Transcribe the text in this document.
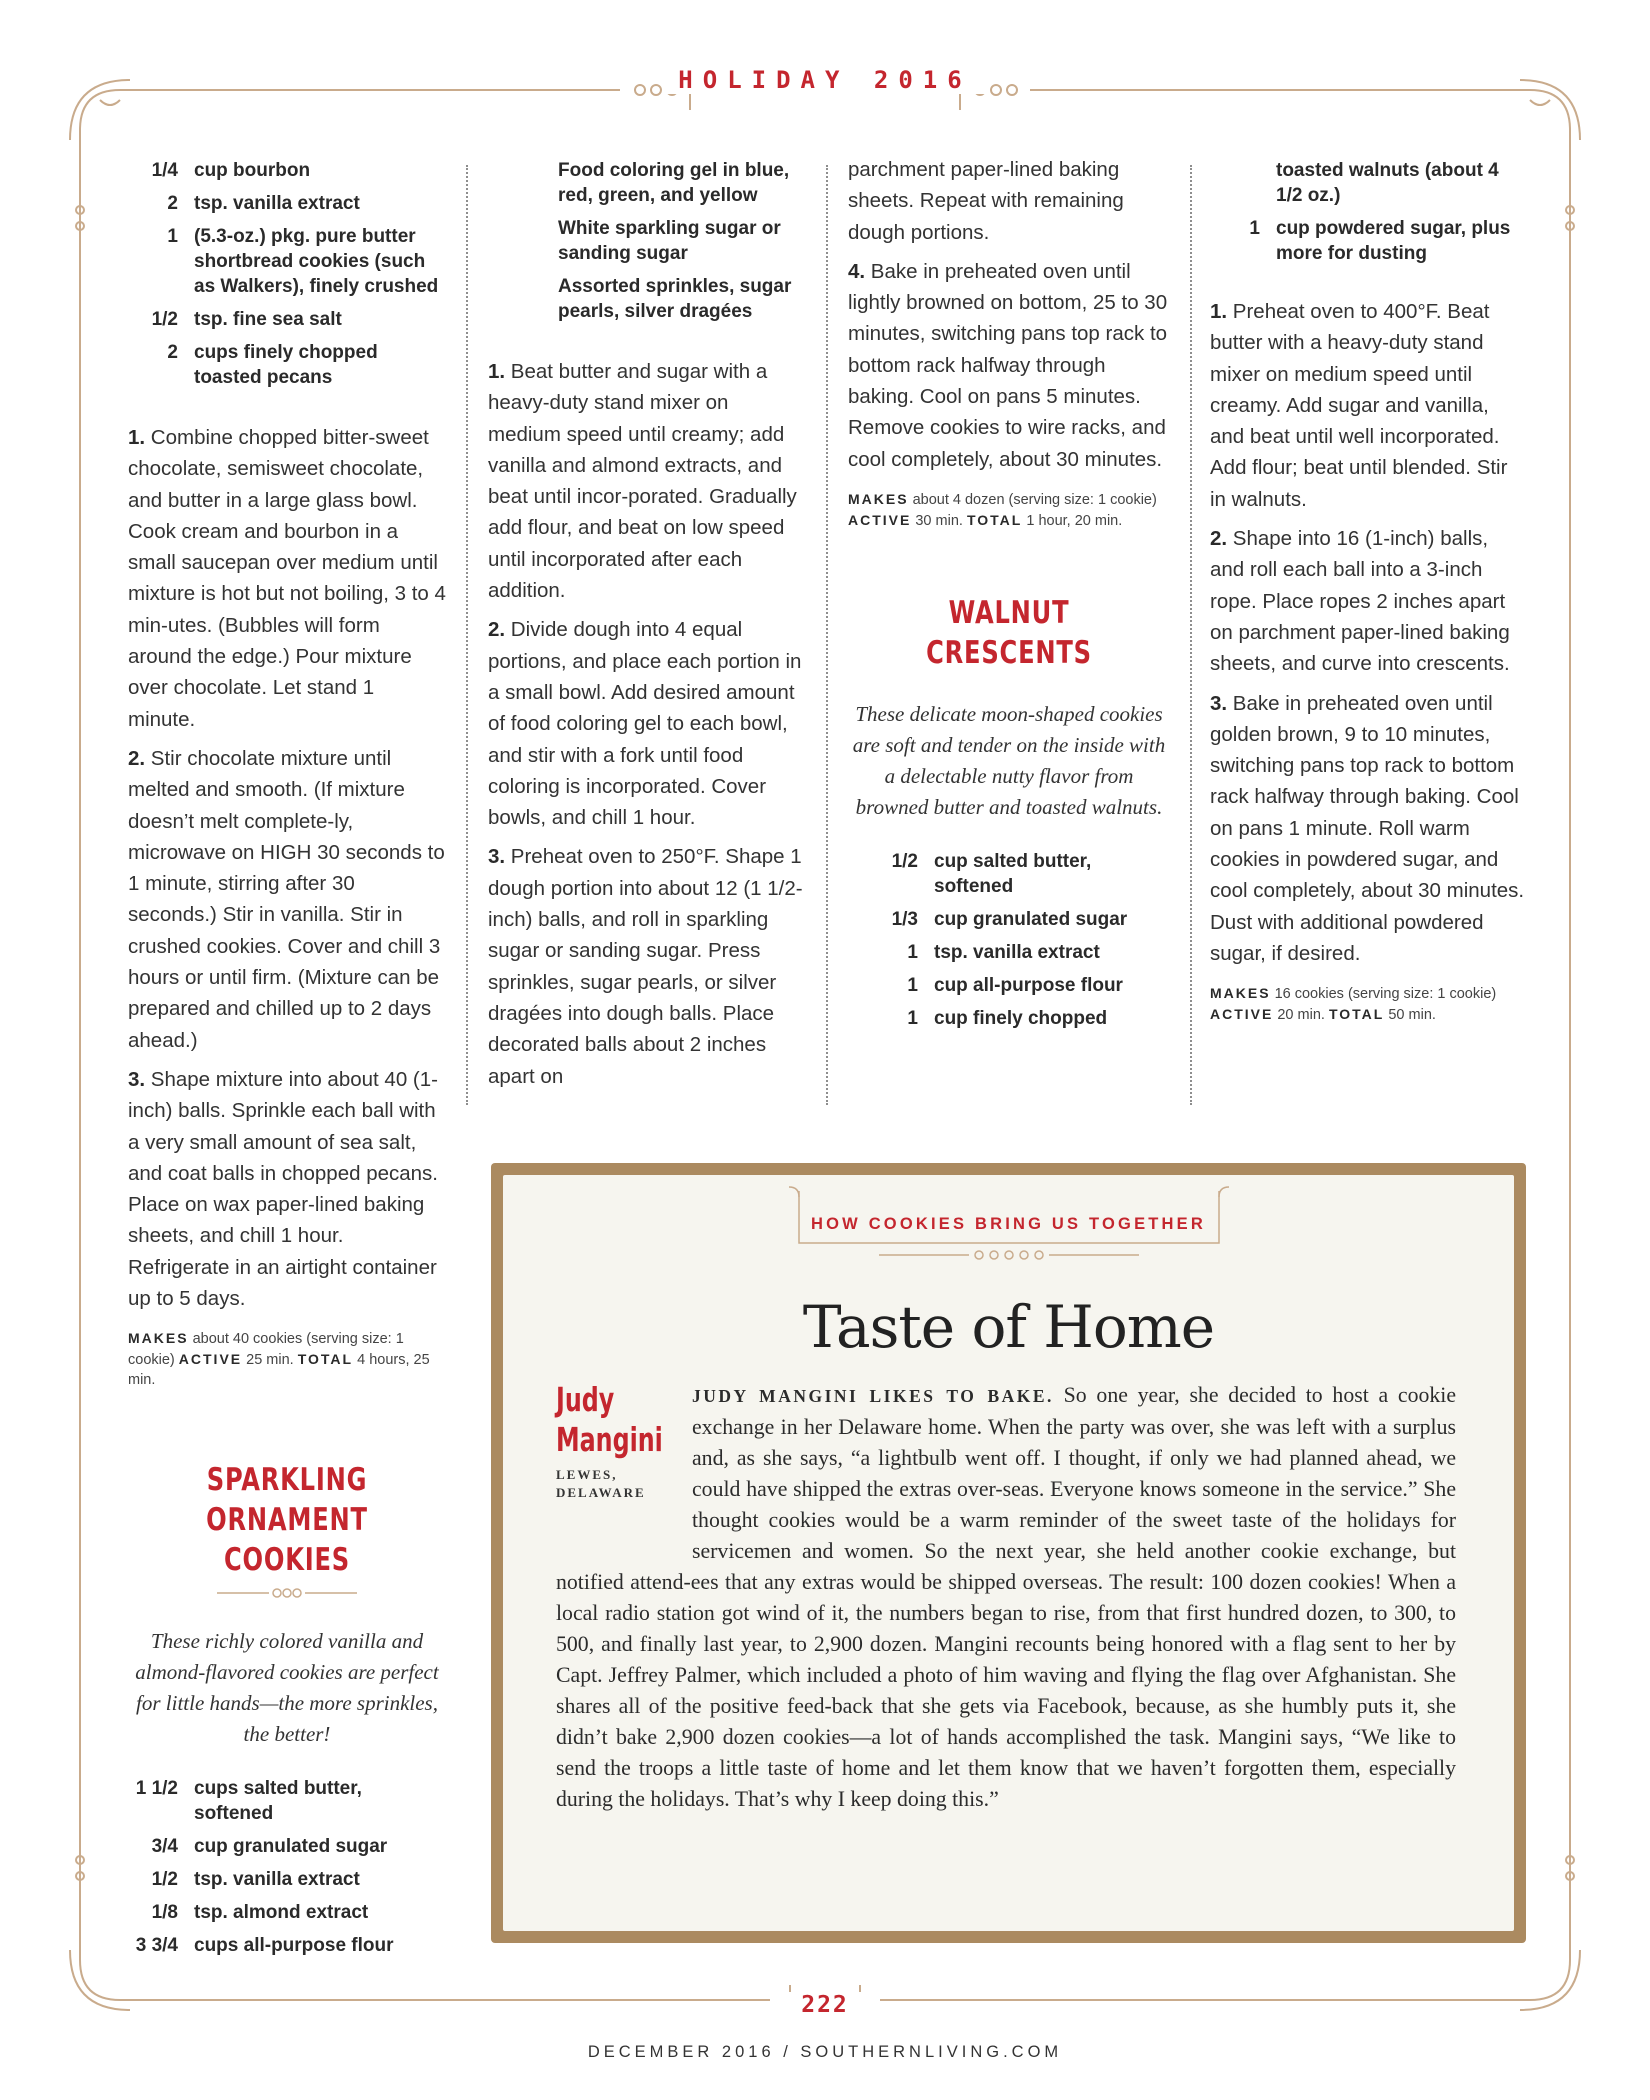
HOLIDAY 2016
1/4 cup bourbon
2 tsp. vanilla extract
1 (5.3-oz.) pkg. pure butter shortbread cookies (such as Walkers), finely crushed
1/2 tsp. fine sea salt
2 cups finely chopped toasted pecans

1. Combine chopped bitter-sweet chocolate, semisweet chocolate, and butter in a large glass bowl. Cook cream and bourbon in a small saucepan over medium until mixture is hot but not boiling, 3 to 4 min-utes. (Bubbles will form around the edge.) Pour mixture over chocolate. Let stand 1 minute.

2. Stir chocolate mixture until melted and smooth. (If mixture doesn’t melt complete-ly, microwave on HIGH 30 seconds to 1 minute, stirring after 30 seconds.) Stir in vanilla. Stir in crushed cookies. Cover and chill 3 hours or until firm. (Mixture can be prepared and chilled up to 2 days ahead.)

3. Shape mixture into about 40 (1-inch) balls. Sprinkle each ball with a very small amount of sea salt, and coat balls in chopped pecans. Place on wax paper-lined baking sheets, and chill 1 hour. Refrigerate in an airtight container up to 5 days.

MAKES about 40 cookies (serving size: 1 cookie) ACTIVE 25 min. TOTAL 4 hours, 25 min.
SPARKLING
ORNAMENT COOKIES

These richly colored vanilla and almond-flavored cookies are perfect for little hands—the more sprinkles, the better!

1 1/2 cups salted butter, softened
3/4 cup granulated sugar
1/2 tsp. vanilla extract
1/8 tsp. almond extract
3 3/4 cups all-purpose flour
Food coloring gel in blue, red, green, and yellow
White sparkling sugar or sanding sugar
Assorted sprinkles, sugar pearls, silver dragées

1. Beat butter and sugar with a heavy-duty stand mixer on medium speed until creamy; add vanilla and almond extracts, and beat until incor-porated. Gradually add flour, and beat on low speed until incorporated after each addition.

2. Divide dough into 4 equal portions, and place each portion in a small bowl. Add desired amount of food coloring gel to each bowl, and stir with a fork until food coloring is incorporated. Cover bowls, and chill 1 hour.

3. Preheat oven to 250°F. Shape 1 dough portion into about 12 (1 1/2-inch) balls, and roll in sparkling sugar or sanding sugar. Press sprinkles, sugar pearls, or silver dragées into dough balls. Place decorated balls about 2 inches apart on

parchment paper-lined baking sheets. Repeat with remaining dough portions.

4. Bake in preheated oven until lightly browned on bottom, 25 to 30 minutes, switching pans top rack to bottom rack halfway through baking. Cool on pans 5 minutes. Remove cookies to wire racks, and cool completely, about 30 minutes.

MAKES about 4 dozen (serving size: 1 cookie) ACTIVE 30 min. TOTAL 1 hour, 20 min.
WALNUT CRESCENTS

These delicate moon-shaped cookies are soft and tender on the inside with a delectable nutty flavor from browned butter and toasted walnuts.

1/2 cup salted butter, softened
1/3 cup granulated sugar
1 tsp. vanilla extract
1 cup all-purpose flour
1 cup finely chopped
toasted walnuts (about 4 1/2 oz.)
1 cup powdered sugar, plus more for dusting

1. Preheat oven to 400°F. Beat butter with a heavy-duty stand mixer on medium speed until creamy. Add sugar and vanilla, and beat until well incorporated. Add flour; beat until blended. Stir in walnuts.

2. Shape into 16 (1-inch) balls, and roll each ball into a 3-inch rope. Place ropes 2 inches apart on parchment paper-lined baking sheets, and curve into crescents.

3. Bake in preheated oven until golden brown, 9 to 10 minutes, switching pans top rack to bottom rack halfway through baking. Cool on pans 1 minute. Roll warm cookies in powdered sugar, and cool completely, about 30 minutes. Dust with additional powdered sugar, if desired.

MAKES 16 cookies (serving size: 1 cookie) ACTIVE 20 min. TOTAL 50 min.
HOW COOKIES BRING US TOGETHER
Taste of Home
Judy
Mangini
LEWES,
DELAWARE
JUDY MANGINI LIKES TO BAKE. So one year, she decided to host a cookie exchange in her Delaware home. When the party was over, she was left with a surplus and, as she says, “a lightbulb went off. I thought, if only we had planned ahead, we could have shipped the extras over-seas. Everyone knows someone in the service.” She thought cookies would be a warm reminder of the sweet taste of the holidays for servicemen and women. So the next year, she held another cookie exchange, but notified attend-ees that any extras would be shipped overseas. The result: 100 dozen cookies! When a local radio station got wind of it, the numbers began to rise, from that first hundred dozen, to 300, to 500, and finally last year, to 2,900 dozen. Mangini recounts being honored with a flag sent to her by Capt. Jeffrey Palmer, which included a photo of him waving and flying the flag over Afghanistan. She shares all of the positive feed-back that she gets via Facebook, because, as she humbly puts it, she didn’t bake 2,900 dozen cookies—a lot of hands accomplished the task. Mangini says, “We like to send the troops a little taste of home and let them know that we haven’t forgotten them, especially during the holidays. That’s why I keep doing this.”
222
DECEMBER 2016 / SOUTHERNLIVING.COM
